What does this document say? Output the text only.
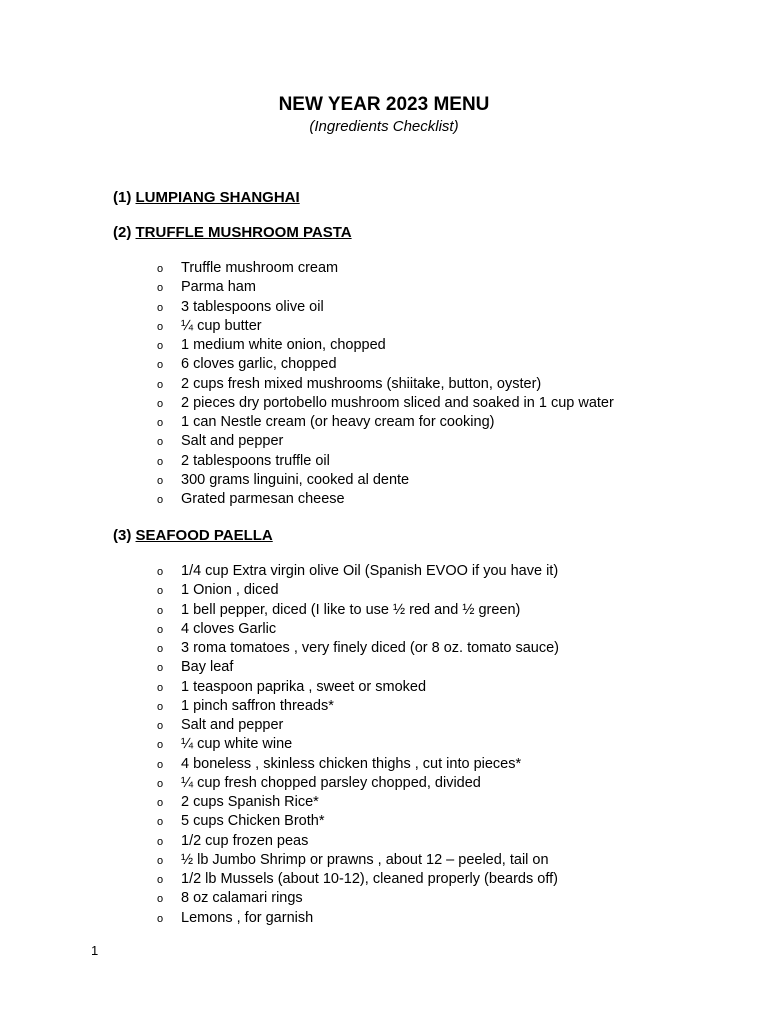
NEW YEAR 2023 MENU
(Ingredients Checklist)
(1) LUMPIANG SHANGHAI
(2) TRUFFLE MUSHROOM PASTA
o	Truffle mushroom cream
o	Parma ham
o	3 tablespoons olive oil
o	¼ cup butter
o	1 medium white onion, chopped
o	6 cloves garlic, chopped
o	2 cups fresh mixed mushrooms (shiitake, button, oyster)
o	2 pieces dry portobello mushroom sliced and soaked in 1 cup water
o	1 can Nestle cream (or heavy cream for cooking)
o	Salt and pepper
o	2 tablespoons truffle oil
o	300 grams linguini, cooked al dente
o	Grated parmesan cheese
(3) SEAFOOD PAELLA
o	1/4 cup Extra virgin olive Oil (Spanish EVOO if you have it)
o	1 Onion , diced
o	1 bell pepper, diced (I like to use ½ red and ½ green)
o	4 cloves Garlic
o	3 roma tomatoes , very finely diced (or 8 oz. tomato sauce)
o	Bay leaf
o	1 teaspoon paprika , sweet or smoked
o	1 pinch saffron threads*
o	Salt and pepper
o	¼ cup white wine
o	4 boneless , skinless chicken thighs , cut into pieces*
o	¼ cup fresh chopped parsley chopped, divided
o	2 cups Spanish Rice*
o	5 cups Chicken Broth*
o	1/2 cup frozen peas
o	½ lb Jumbo Shrimp or prawns , about 12 – peeled, tail on
o	1/2 lb Mussels (about 10-12), cleaned properly (beards off)
o	8 oz calamari rings
o	Lemons , for garnish
1
